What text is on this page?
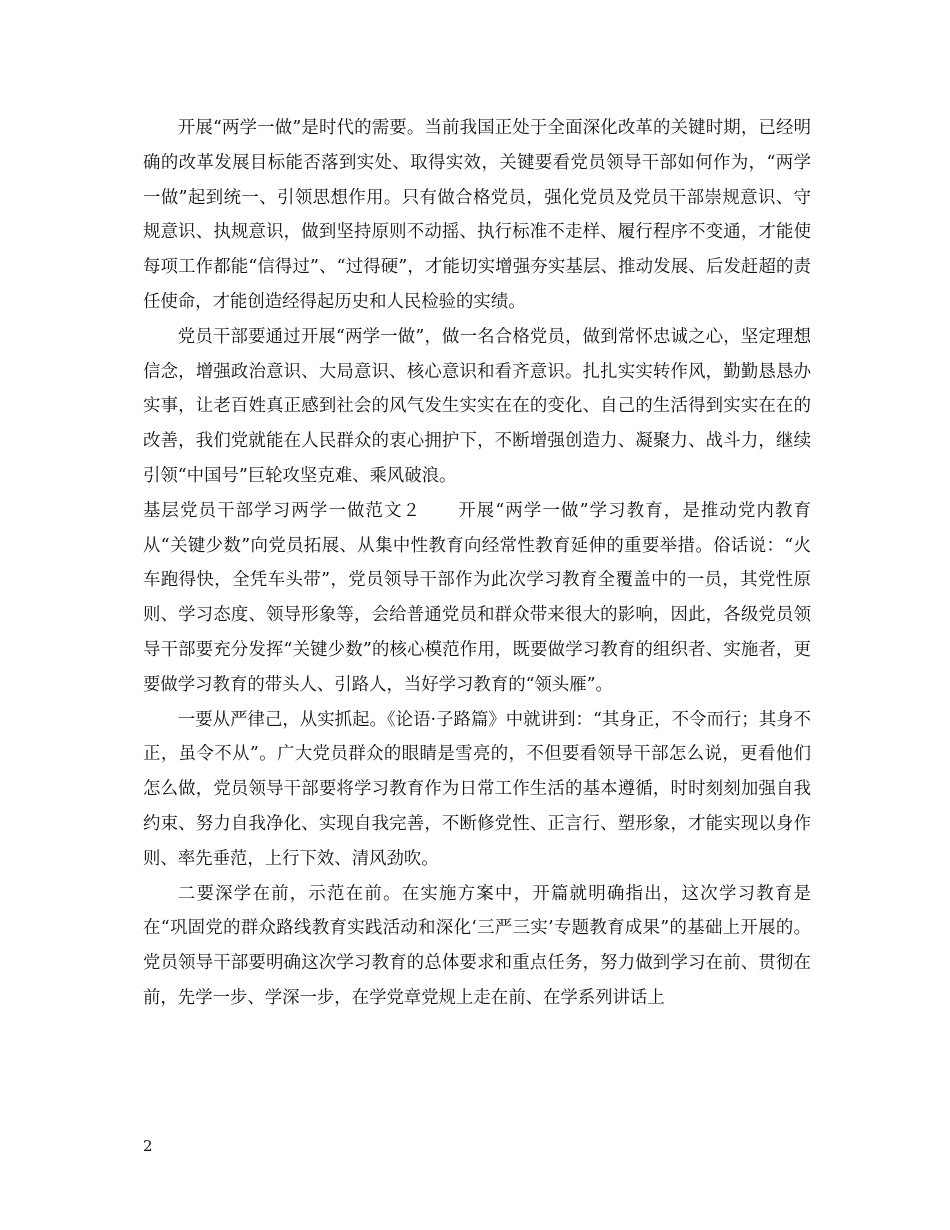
开展“两学一做”是时代的需要。当前我国正处于全面深化改革的关键时期，已经明确的改革发展目标能否落到实处、取得实效，关键要看党员领导干部如何作为，“两学一做”起到统一、引领思想作用。只有做合格党员，强化党员及党员干部崇规意识、守规意识、执规意识，做到坚持原则不动摇、执行标准不走样、履行程序不变通，才能使每项工作都能“信得过”、“过得硬”，才能切实增强夯实基层、推动发展、后发赶超的责任使命，才能创造经得起历史和人民检验的实绩。

党员干部要通过开展“两学一做”，做一名合格党员，做到常怀忠诚之心，坚定理想信念，增强政治意识、大局意识、核心意识和看齐意识。扎扎实实转作风，勤勤恳恳办实事，让老百姓真正感到社会的风气发生实实在在的变化、自己的生活得到实实在在的改善，我们党就能在人民群众的衷心拥护下，不断增强创造力、凝聚力、战斗力，继续引领“中国号”巨轮攻坚克难、乘风破浪。

基层党员干部学习两学一做范文２　　开展“两学一做”学习教育，是推动党内教育从“关键少数”向党员拓展、从集中性教育向经常性教育延伸的重要举措。俗话说：“火车跑得快，全凭车头带”，党员领导干部作为此次学习教育全覆盖中的一员，其党性原则、学习态度、领导形象等，会给普通党员和群众带来很大的影响，因此，各级党员领导干部要充分发挥“关键少数”的核心模范作用，既要做学习教育的组织者、实施者，更要做学习教育的带头人、引路人，当好学习教育的“领头雁”。

一要从严律己，从实抓起。《论语·子路篇》中就讲到：“其身正，不令而行；其身不正，虽令不从”。广大党员群众的眼睛是雪亮的，不但要看领导干部怎么说，更看他们怎么做，党员领导干部要将学习教育作为日常工作生活的基本遵循，时时刻刻加强自我约束、努力自我净化、实现自我完善，不断修党性、正言行、塑形象，才能实现以身作则、率先垂范，上行下效、清风劲吹。

二要深学在前，示范在前。在实施方案中，开篇就明确指出，这次学习教育是在“巩固党的群众路线教育实践活动和深化‘三严三实’专题教育成果”的基础上开展的。党员领导干部要明确这次学习教育的总体要求和重点任务，努力做到学习在前、贯彻在前，先学一步、学深一步，在学党章党规上走在前、在学系列讲话上

2
